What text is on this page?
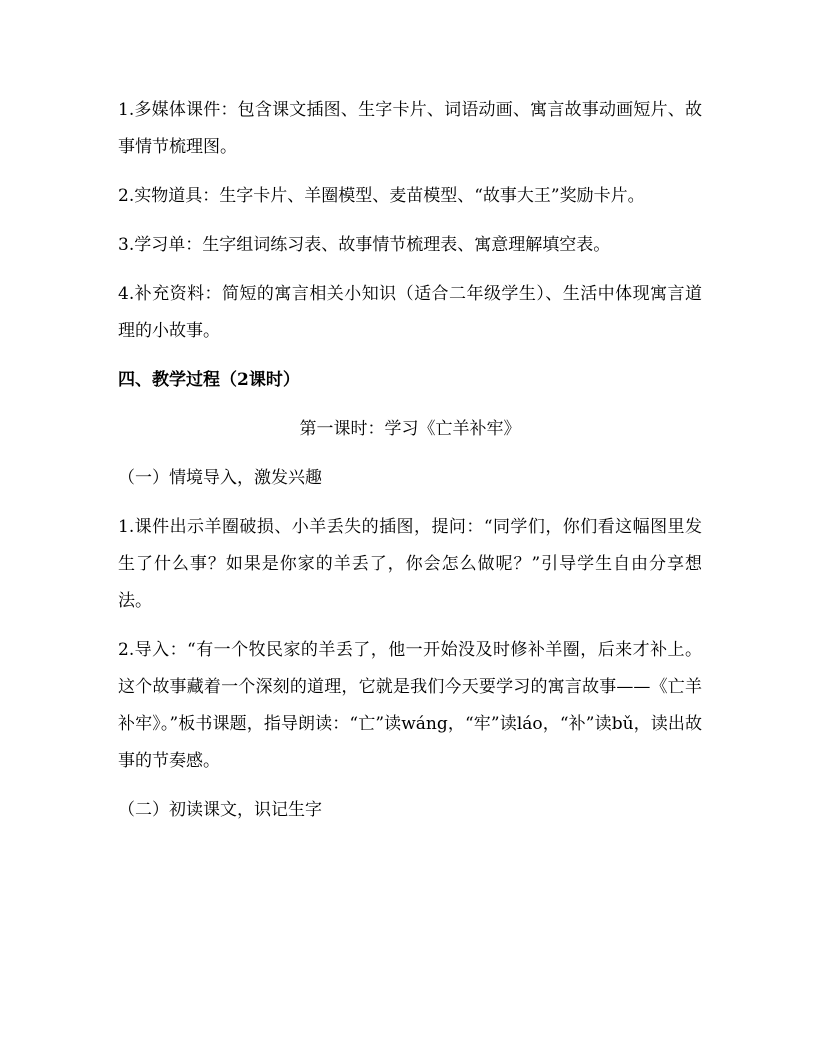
1.多媒体课件：包含课文插图、生字卡片、词语动画、寓言故事动画短片、故事情节梳理图。

2.实物道具：生字卡片、羊圈模型、麦苗模型、“故事大王”奖励卡片。

3.学习单：生字组词练习表、故事情节梳理表、寓意理解填空表。

4.补充资料：简短的寓言相关小知识（适合二年级学生）、生活中体现寓言道理的小故事。

四、教学过程（2课时）

第一课时：学习《亡羊补牢》

（一）情境导入，激发兴趣

1.课件出示羊圈破损、小羊丢失的插图，提问：“同学们，你们看这幅图里发生了什么事？如果是你家的羊丢了，你会怎么做呢？”引导学生自由分享想法。

2.导入：“有一个牧民家的羊丢了，他一开始没及时修补羊圈，后来才补上。这个故事藏着一个深刻的道理，它就是我们今天要学习的寓言故事——《亡羊补牢》。”板书课题，指导朗读：“亡”读wáng，“牢”读láo，“补”读bǔ，读出故事的节奏感。

（二）初读课文，识记生字
